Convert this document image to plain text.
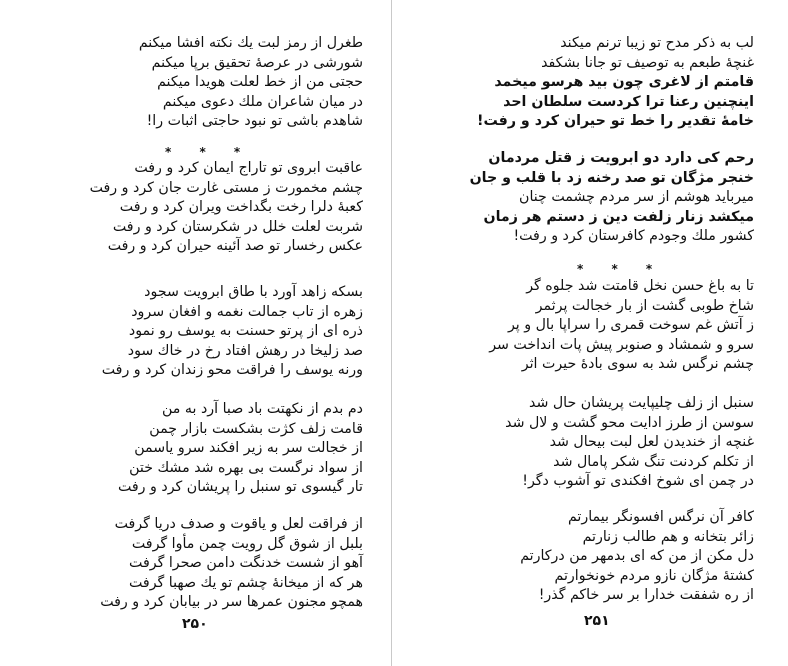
طغرل از رمز لبت یك نكته افشا میكنم
شورشی در عرصهٔ تحقیق برپا میكنم
حجتی من از خط لعلت هویدا میكنم
در میان شاعران ملك دعوی میكنم
شاهدم باشی تو نبود حاجتی اثبات را!
* * *
عاقبت ابروی تو تاراج ایمان كرد و رفت
چشم مخمورت ز مستی غارت جان كرد و رفت
كعبهٔ دلرا رخت بگداخت ویران كرد و رفت
شربت لعلت خلل در شكرستان كرد و رفت
عكس رخسار تو صد آئینه حیران كرد و رفت
بسكه زاهد آورد با طاق ابرویت سجود
زهره از تاب جمالت نغمه و افغان سرود
ذره ای از پرتو حسنت به یوسف رو نمود
صد زلیخا در رهش افتاد رخ در خاك سود
ورنه یوسف را فراقت محو زندان كرد و رفت
دم بدم از نكهتت باد صبا آرد به من
قامت زلف كژت بشكست بازار چمن
از خجالت سر به زیر افكند سرو یاسمن
از سواد نرگست بی بهره شد مشك ختن
تار گیسوی تو سنبل را پریشان كرد و رفت
از فراقت لعل و یاقوت و صدف دریا گرفت
بلبل از شوق گل رویت چمن مأوا گرفت
آهو از شست خدنگت دامن صحرا گرفت
هر كه از میخانهٔ چشم تو یك صهبا گرفت
همچو مجنون عمرها سر در بیابان كرد و رفت
۲۵۰
لب به ذكر مدح تو زیبا ترنم میكند
غنچهٔ طبعم به توصیف تو جانا بشكفد
قامتم از لاغری چون بید هرسو میخمد
اینچنین رعنا ترا كردست سلطان احد
خامهٔ تقدیر را خط تو حیران كرد و رفت!
رحم كی دارد دو ابرویت ز قتل مردمان
خنجر مژگان تو صد رخنه زد با قلب و جان
میرباید هوشم از سر مردم چشمت چنان
میكشد زنار زلفت دین ز دستم هر زمان
كشور ملك وجودم كافرستان كرد و رفت!
* * *
تا به باغ حسن نخل قامتت شد جلوه گر
شاخ طوبی گشت از بار خجالت پرثمر
ز آتش غم سوخت قمری را سراپا بال و پر
سرو و شمشاد و صنوبر پیش پات انداخت سر
چشم نرگس شد به سوی بادهٔ حیرت اثر
سنبل از زلف چلیپایت پریشان حال شد
سوسن از طرز ادایت محو گشت و لال شد
غنچه از خندیدن لعل لبت بیحال شد
از تكلم كردنت تنگ شكر پامال شد
در چمن ای شوخ افكندی تو آشوب دگر!
كافر آن نرگس افسونگر بیمارتم
زائر بتخانه و هم طالب زنارتم
دل مكن از من كه ای بدمهر من دركارتم
كشتهٔ مژگان نازو مردم خونخوارتم
از ره شفقت خدارا بر سر خاكم گذر!
۲۵۱
